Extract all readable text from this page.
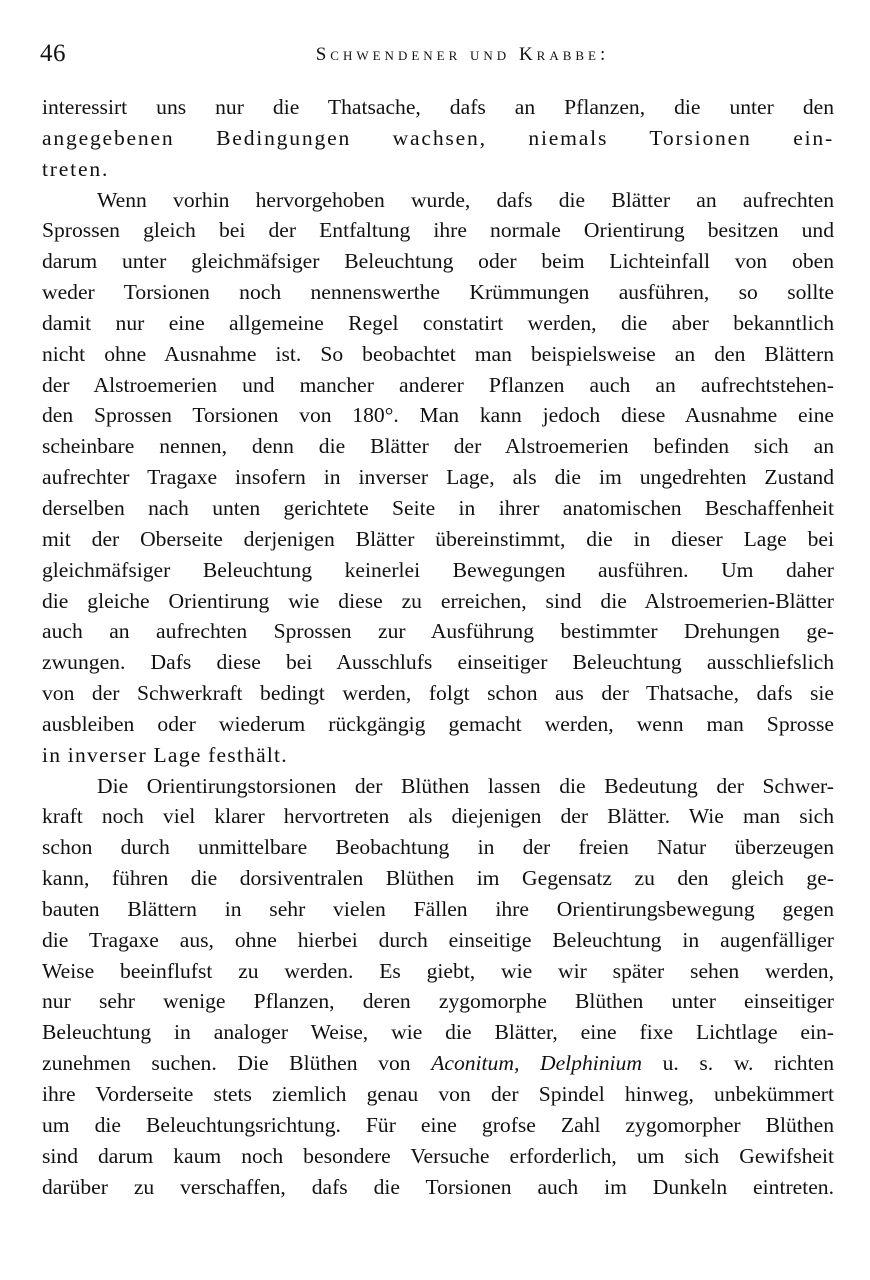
46	Schwendener und Krabbe:
interessirt uns nur die Thatsache, dafs an Pflanzen, die unter den
angegebenen Bedingungen wachsen, niemals Torsionen ein-
treten.
Wenn vorhin hervorgehoben wurde, dafs die Blätter an aufrechten
Sprossen gleich bei der Entfaltung ihre normale Orientirung besitzen und
darum unter gleichmäfsiger Beleuchtung oder beim Lichteinfall von oben
weder Torsionen noch nennenswerthe Krümmungen ausführen, so sollte
damit nur eine allgemeine Regel constatirt werden, die aber bekanntlich
nicht ohne Ausnahme ist. So beobachtet man beispielsweise an den Blättern
der Alstroemerien und mancher anderer Pflanzen auch an aufrechtstehen-
den Sprossen Torsionen von 180°. Man kann jedoch diese Ausnahme eine
scheinbare nennen, denn die Blätter der Alstroemerien befinden sich an
aufrechter Tragaxe insofern in inverser Lage, als die im ungedrehten Zustand
derselben nach unten gerichtete Seite in ihrer anatomischen Beschaffenheit
mit der Oberseite derjenigen Blätter übereinstimmt, die in dieser Lage bei
gleichmäfsiger Beleuchtung keinerlei Bewegungen ausführen. Um daher
die gleiche Orientirung wie diese zu erreichen, sind die Alstroemerien-Blätter
auch an aufrechten Sprossen zur Ausführung bestimmter Drehungen ge-
zwungen. Dafs diese bei Ausschlufs einseitiger Beleuchtung ausschliefslich
von der Schwerkraft bedingt werden, folgt schon aus der Thatsache, dafs sie
ausbleiben oder wiederum rückgängig gemacht werden, wenn man Sprosse
in inverser Lage festhält.
Die Orientirungstorsionen der Blüthen lassen die Bedeutung der Schwer-
kraft noch viel klarer hervortreten als diejenigen der Blätter. Wie man sich
schon durch unmittelbare Beobachtung in der freien Natur überzeugen
kann, führen die dorsiventralen Blüthen im Gegensatz zu den gleich ge-
bauten Blättern in sehr vielen Fällen ihre Orientirungsbewegung gegen
die Tragaxe aus, ohne hierbei durch einseitige Beleuchtung in augenfälliger
Weise beeinflufst zu werden. Es giebt, wie wir später sehen werden,
nur sehr wenige Pflanzen, deren zygomorphe Blüthen unter einseitiger
Beleuchtung in analoger Weise, wie die Blätter, eine fixe Lichtlage ein-
zunehmen suchen. Die Blüthen von Aconitum, Delphinium u. s. w. richten
ihre Vorderseite stets ziemlich genau von der Spindel hinweg, unbekümmert
um die Beleuchtungsrichtung. Für eine grofse Zahl zygomorpher Blüthen
sind darum kaum noch besondere Versuche erforderlich, um sich Gewifsheit
darüber zu verschaffen, dafs die Torsionen auch im Dunkeln eintreten.
